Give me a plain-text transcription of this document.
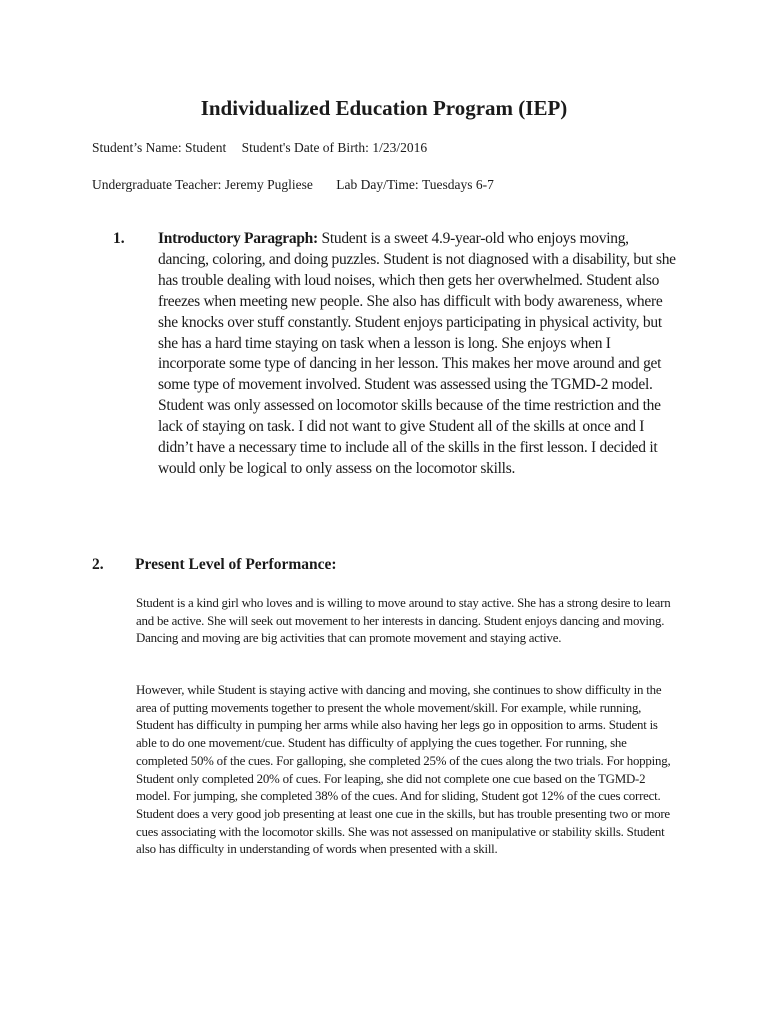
Individualized Education Program (IEP)
Student’s Name: Student Student's Date of Birth: 1/23/2016
Undergraduate Teacher: Jeremy Pugliese Lab Day/Time: Tuesdays 6-7
1. Introductory Paragraph: Student is a sweet 4.9-year-old who enjoys moving, dancing, coloring, and doing puzzles. Student is not diagnosed with a disability, but she has trouble dealing with loud noises, which then gets her overwhelmed. Student also freezes when meeting new people. She also has difficult with body awareness, where she knocks over stuff constantly. Student enjoys participating in physical activity, but she has a hard time staying on task when a lesson is long. She enjoys when I incorporate some type of dancing in her lesson. This makes her move around and get some type of movement involved. Student was assessed using the TGMD-2 model. Student was only assessed on locomotor skills because of the time restriction and the lack of staying on task. I did not want to give Student all of the skills at once and I didn’t have a necessary time to include all of the skills in the first lesson. I decided it would only be logical to only assess on the locomotor skills.
2. Present Level of Performance:

Student is a kind girl who loves and is willing to move around to stay active. She has a strong desire to learn and be active. She will seek out movement to her interests in dancing. Student enjoys dancing and moving. Dancing and moving are big activities that can promote movement and staying active.

However, while Student is staying active with dancing and moving, she continues to show difficulty in the area of putting movements together to present the whole movement/skill. For example, while running, Student has difficulty in pumping her arms while also having her legs go in opposition to arms. Student is able to do one movement/cue. Student has difficulty of applying the cues together. For running, she completed 50% of the cues. For galloping, she completed 25% of the cues along the two trials. For hopping, Student only completed 20% of cues. For leaping, she did not complete one cue based on the TGMD-2 model. For jumping, she completed 38% of the cues. And for sliding, Student got 12% of the cues correct. Student does a very good job presenting at least one cue in the skills, but has trouble presenting two or more cues associating with the locomotor skills. She was not assessed on manipulative or stability skills. Student also has difficulty in understanding of words when presented with a skill.
